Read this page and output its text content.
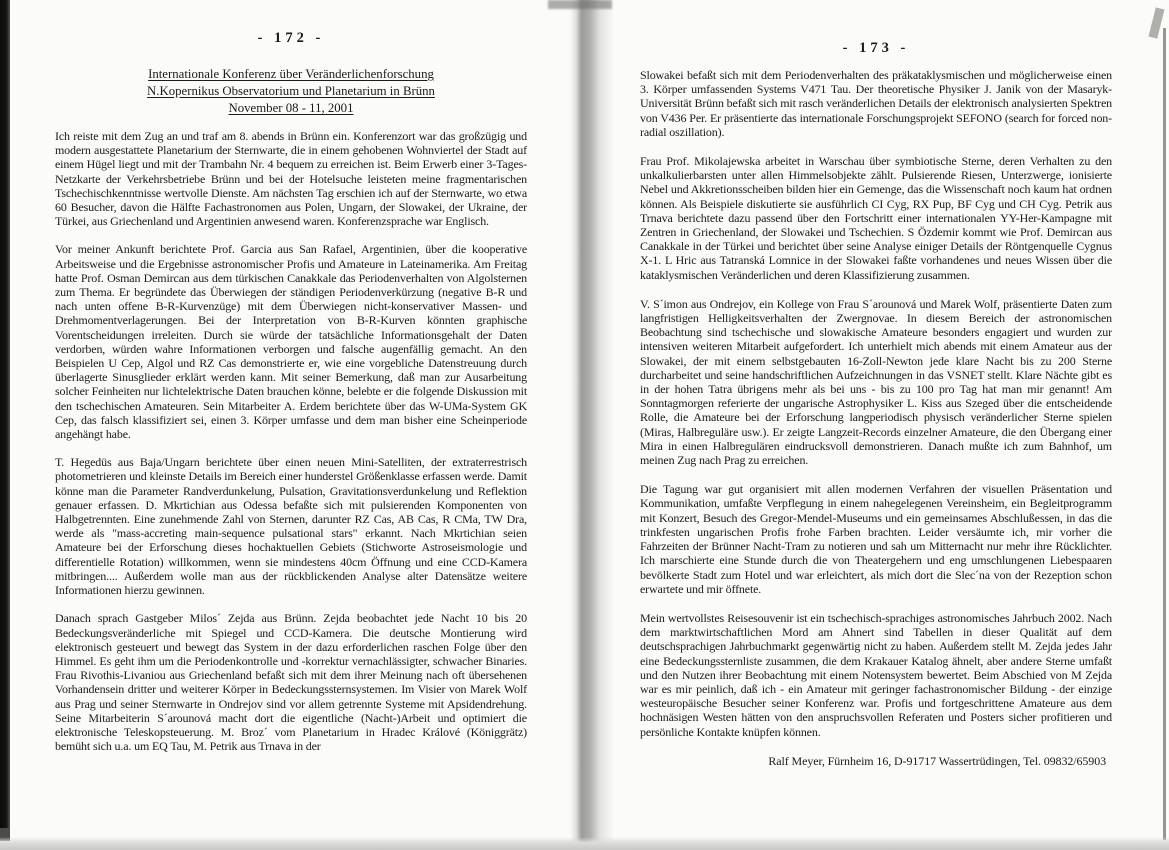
- 172 -
Internationale Konferenz über Veränderlichenforschung
N.Kopernikus Observatorium und Planetarium in Brünn
November 08 - 11, 2001

Ich reiste mit dem Zug an und traf am 8. abends in Brünn ein. Konferenzort war das großzügig und modern ausgestattete Planetarium der Sternwarte, die in einem gehobenen Wohnviertel der Stadt auf einem Hügel liegt und mit der Trambahn Nr. 4 bequem zu erreichen ist. Beim Erwerb einer 3-Tages-Netzkarte der Verkehrsbetriebe Brünn und bei der Hotelsuche leisteten meine fragmentarischen Tschechischkenntnisse wertvolle Dienste. Am nächsten Tag erschien ich auf der Sternwarte, wo etwa 60 Besucher, davon die Hälfte Fachastronomen aus Polen, Ungarn, der Slowakei, der Ukraine, der Türkei, aus Griechenland und Argentinien anwesend waren. Konferenzsprache war Englisch.

Vor meiner Ankunft berichtete Prof. Garcia aus San Rafael, Argentinien, über die kooperative Arbeitsweise und die Ergebnisse astronomischer Profis und Amateure in Lateinamerika. Am Freitag hatte Prof. Osman Demircan aus dem türkischen Canakkale das Periodenverhalten von Algolsternen zum Thema. Er begründete das Überwiegen der ständigen Periodenverkürzung (negative B-R und nach unten offene B-R-Kurvenzüge) mit dem Überwiegen nicht-konservativer Massen- und Drehmomentverlagerungen. Bei der Interpretation von B-R-Kurven könnten graphische Vorentscheidungen irreleiten. Durch sie würde der tatsächliche Informationsgehalt der Daten verdorben, würden wahre Informationen verborgen und falsche augenfällig gemacht. An den Beispielen U Cep, Algol und RZ Cas demonstrierte er, wie eine vorgebliche Datenstreuung durch überlagerte Sinusglieder erklärt werden kann. Mit seiner Bemerkung, daß man zur Ausarbeitung solcher Feinheiten nur lichtelektrische Daten brauchen könne, belebte er die folgende Diskussion mit den tschechischen Amateuren. Sein Mitarbeiter A. Erdem berichtete über das W-UMa-System GK Cep, das falsch klassifiziert sei, einen 3. Körper umfasse und dem man bisher eine Scheinperiode angehängt habe.

T. Hegedüs aus Baja/Ungarn berichtete über einen neuen Mini-Satelliten, der extraterrestrisch photometrieren und kleinste Details im Bereich einer hunderstel Größenklasse erfassen werde. Damit könne man die Parameter Randverdunkelung, Pulsation, Gravitationsverdunkelung und Reflektion genauer erfassen. D. Mkrtichian aus Odessa befaßte sich mit pulsierenden Komponenten von Halbgetrennten. Eine zunehmende Zahl von Sternen, darunter RZ Cas, AB Cas, R CMa, TW Dra, werde als "mass-accreting main-sequence pulsational stars" erkannt. Nach Mkrtichian seien Amateure bei der Erforschung dieses hochaktuellen Gebiets (Stichworte Astroseismologie und differentielle Rotation) willkommen, wenn sie mindestens 40cm Öffnung und eine CCD-Kamera mitbringen.... Außerdem wolle man aus der rückblickenden Analyse alter Datensätze weitere Informationen hierzu gewinnen.

Danach sprach Gastgeber Milos´ Zejda aus Brünn. Zejda beobachtet jede Nacht 10 bis 20 Bedeckungsveränderliche mit Spiegel und CCD-Kamera. Die deutsche Montierung wird elektronisch gesteuert und bewegt das System in der dazu erforderlichen raschen Folge über den Himmel. Es geht ihm um die Periodenkontrolle und -korrektur vernachlässigter, schwacher Binaries. Frau Rivothis-Livaniou aus Griechenland befaßt sich mit dem ihrer Meinung nach oft übersehenen Vorhandensein dritter und weiterer Körper in Bedeckungssternsystemen. Im Visier von Marek Wolf aus Prag und seiner Sternwarte in Ondrejov sind vor allem getrennte Systeme mit Apsidendrehung. Seine Mitarbeiterin S´arounová macht dort die eigentliche (Nacht-)Arbeit und optimiert die elektronische Teleskopsteuerung. M. Broz´ vom Planetarium in Hradec Králové (Königgrätz) bemüht sich u.a. um EQ Tau, M. Petrik aus Trnava in der

- 173 -

Slowakei befaßt sich mit dem Periodenverhalten des präkataklysmischen und möglicherweise einen 3. Körper umfassenden Systems V471 Tau. Der theoretische Physiker J. Janik von der Masaryk-Universität Brünn befaßt sich mit rasch veränderlichen Details der elektronisch analysierten Spektren von V436 Per. Er präsentierte das internationale Forschungsprojekt SEFONO (search for forced non-radial oszillation).

Frau Prof. Mikolajewska arbeitet in Warschau über symbiotische Sterne, deren Verhalten zu den unkalkulierbarsten unter allen Himmelsobjekte zählt. Pulsierende Riesen, Unterzwerge, ionisierte Nebel und Akkretionsscheiben bilden hier ein Gemenge, das die Wissenschaft noch kaum hat ordnen können. Als Beispiele diskutierte sie ausführlich CI Cyg, RX Pup, BF Cyg und CH Cyg. Petrik aus Trnava berichtete dazu passend über den Fortschritt einer internationalen YY-Her-Kampagne mit Zentren in Griechenland, der Slowakei und Tschechien. S Özdemir kommt wie Prof. Demircan aus Canakkale in der Türkei und berichtet über seine Analyse einiger Details der Röntgenquelle Cygnus X-1. L Hric aus Tatranská Lomnice in der Slowakei faßte vorhandenes und neues Wissen über die kataklysmischen Veränderlichen und deren Klassifizierung zusammen.

V. S´imon aus Ondrejov, ein Kollege von Frau S´arounová und Marek Wolf, präsentierte Daten zum langfristigen Helligkeitsverhalten der Zwergnovae. In diesem Bereich der astronomischen Beobachtung sind tschechische und slowakische Amateure besonders engagiert und wurden zur intensiven weiteren Mitarbeit aufgefordert. Ich unterhielt mich abends mit einem Amateur aus der Slowakei, der mit einem selbstgebauten 16-Zoll-Newton jede klare Nacht bis zu 200 Sterne durcharbeitet und seine handschriftlichen Aufzeichnungen in das VSNET stellt. Klare Nächte gibt es in der hohen Tatra übrigens mehr als bei uns - bis zu 100 pro Tag hat man mir genannt! Am Sonntagmorgen referierte der ungarische Astrophysiker L. Kiss aus Szeged über die entscheidende Rolle, die Amateure bei der Erforschung langperiodisch physisch veränderlicher Sterne spielen (Miras, Halbreguläre usw.). Er zeigte Langzeit-Records einzelner Amateure, die den Übergang einer Mira in einen Halbregulären eindrucksvoll demonstrieren. Danach mußte ich zum Bahnhof, um meinen Zug nach Prag zu erreichen.

Die Tagung war gut organisiert mit allen modernen Verfahren der visuellen Präsentation und Kommunikation, umfaßte Verpflegung in einem nahegelegenen Vereinsheim, ein Begleitprogramm mit Konzert, Besuch des Gregor-Mendel-Museums und ein gemeinsames Abschlußessen, in das die trinkfesten ungarischen Profis frohe Farben brachten. Leider versäumte ich, mir vorher die Fahrzeiten der Brünner Nacht-Tram zu notieren und sah um Mitternacht nur mehr ihre Rücklichter. Ich marschierte eine Stunde durch die von Theatergehern und eng umschlungenen Liebespaaren bevölkerte Stadt zum Hotel und war erleichtert, als mich dort die Slec´na von der Rezeption schon erwartete und mir öffnete.

Mein wertvollstes Reisesouvenir ist ein tschechisch-sprachiges astronomisches Jahrbuch 2002. Nach dem marktwirtschaftlichen Mord am Ahnert sind Tabellen in dieser Qualität auf dem deutschsprachigen Jahrbuchmarkt gegenwärtig nicht zu haben. Außerdem stellt M. Zejda jedes Jahr eine Bedeckungssternliste zusammen, die dem Krakauer Katalog ähnelt, aber andere Sterne umfaßt und den Nutzen ihrer Beobachtung mit einem Notensystem bewertet. Beim Abschied von M Zejda war es mir peinlich, daß ich - ein Amateur mit geringer fachastronomischer Bildung - der einzige westeuropäische Besucher seiner Konferenz war. Profis und fortgeschrittene Amateure aus dem hochnäsigen Westen hätten von den anspruchsvollen Referaten und Posters sicher profitieren und persönliche Kontakte knüpfen können.

Ralf Meyer, Fürnheim 16, D-91717 Wassertrüdingen, Tel. 09832/65903
